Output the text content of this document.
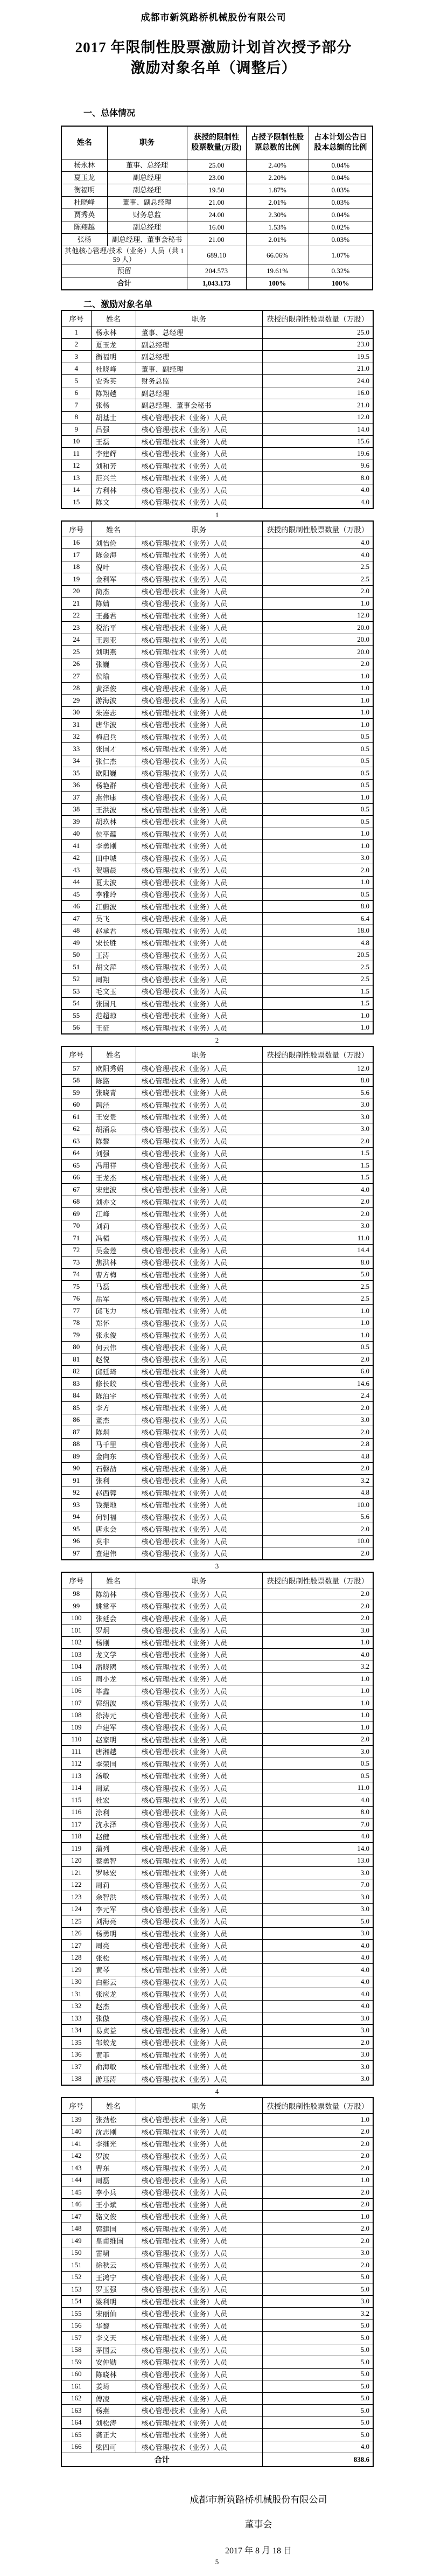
成都市新筑路桥机械股份有限公司
2017 年限制性股票激励计划首次授予部分
激励对象名单（调整后）
一、总体情况
姓名	职务	获授的限制性股票数量(万股)	占授予限制性股票总数的比例	占本计划公告日股本总额的比例
杨永林	董事、总经理	25.00	2.40%	0.04%
夏玉龙	副总经理	23.00	2.20%	0.04%
衡福明	副总经理	19.50	1.87%	0.03%
杜晓峰	董事、副总经理	21.00	2.01%	0.03%
贾秀英	财务总监	24.00	2.30%	0.04%
陈翔越	副总经理	16.00	1.53%	0.02%
张杨	副总经理、董事会秘书	21.00	2.01%	0.03%
其他核心管理/技术（业务）人员（共 159 人）		689.10	66.06%	1.07%
预留		204.573	19.61%	0.32%
合计		1,043.173	100%	100%
二、激励对象名单
序号	姓名	职务	获授的限制性股票数量（万股）
1	杨永林	董事、总经理	25.0
2	夏玉龙	副总经理	23.0
3	衡福明	副总经理	19.5
4	杜晓峰	董事、副经理	21.0
5	贾秀英	财务总监	24.0
6	陈翔越	副总经理	16.0
7	张杨	副总经理、董事会秘书	21.0
8	胡基士	核心管理/技术（业务）人员	12.0
9	吕强	核心管理/技术（业务）人员	14.0
10	王磊	核心管理/技术（业务）人员	15.6
11	李建辉	核心管理/技术（业务）人员	19.6
12	刘和芳	核心管理/技术（业务）人员	9.6
13	范兴兰	核心管理/技术（业务）人员	8.0
14	方利林	核心管理/技术（业务）人员	4.0
15	陈文	核心管理/技术（业务）人员	4.0
1
序号	姓名	职务	获授的限制性股票数量（万股）
16	刘怡俭	核心管理/技术（业务）人员	4.0
17	陈金海	核心管理/技术（业务）人员	4.0
18	倪叶	核心管理/技术（业务）人员	2.5
19	金利军	核心管理/技术（业务）人员	2.5
20	简杰	核心管理/技术（业务）人员	2.0
21	陈婧	核心管理/技术（业务）人员	1.0
22	王鑫君	核心管理/技术（业务）人员	12.0
23	税治平	核心管理/技术（业务）人员	20.0
24	王恩亚	核心管理/技术（业务）人员	20.0
25	刘明燕	核心管理/技术（业务）人员	20.0
26	张巍	核心管理/技术（业务）人员	2.0
27	侯瑜	核心管理/技术（业务）人员	1.0
28	黄泽俊	核心管理/技术（业务）人员	1.0
29	游海波	核心管理/技术（业务）人员	1.0
30	朱连志	核心管理/技术（业务）人员	1.0
31	唐华波	核心管理/技术（业务）人员	1.0
32	梅启兵	核心管理/技术（业务）人员	0.5
33	张国才	核心管理/技术（业务）人员	0.5
34	张仁杰	核心管理/技术（业务）人员	0.5
35	欧阳巍	核心管理/技术（业务）人员	0.5
36	杨艳群	核心管理/技术（业务）人员	0.5
37	燕伟康	核心管理/技术（业务）人员	1.0
38	王洪波	核心管理/技术（业务）人员	0.5
39	胡玖林	核心管理/技术（业务）人员	0.5
40	侯平蕴	核心管理/技术（业务）人员	1.0
41	李勇刚	核心管理/技术（业务）人员	1.0
42	田中城	核心管理/技术（业务）人员	3.0
43	贺塘晨	核心管理/技术（业务）人员	2.0
44	夏太波	核心管理/技术（业务）人员	1.0
45	李雅玲	核心管理/技术（业务）人员	0.5
46	江蔚波	核心管理/技术（业务）人员	8.0
47	吴飞	核心管理/技术（业务）人员	6.4
48	赵承君	核心管理/技术（业务）人员	18.0
49	宋长胜	核心管理/技术（业务）人员	4.8
50	王涛	核心管理/技术（业务）人员	20.5
51	胡文萍	核心管理/技术（业务）人员	2.5
52	周翔	核心管理/技术（业务）人员	2.5
53	毛文玉	核心管理/技术（业务）人员	1.5
54	张国凡	核心管理/技术（业务）人员	1.5
55	范超琼	核心管理/技术（业务）人员	1.0
56	王征	核心管理/技术（业务）人员	1.0
2
序号	姓名	职务	获授的限制性股票数量（万股）
57	欧阳秀娟	核心管理/技术（业务）人员	12.0
58	陈路	核心管理/技术（业务）人员	8.0
59	张晓青	核心管理/技术（业务）人员	5.6
60	陶泾	核心管理/技术（业务）人员	3.0
61	王安贵	核心管理/技术（业务）人员	3.0
62	胡涌泉	核心管理/技术（业务）人员	3.0
63	陈黎	核心管理/技术（业务）人员	2.0
64	刘强	核心管理/技术（业务）人员	1.5
65	冯用祥	核心管理/技术（业务）人员	1.5
66	王龙杰	核心管理/技术（业务）人员	1.5
67	宋建波	核心管理/技术（业务）人员	4.0
68	刘亦文	核心管理/技术（业务）人员	2.0
69	江峰	核心管理/技术（业务）人员	2.0
70	刘莉	核心管理/技术（业务）人员	3.0
71	冯韬	核心管理/技术（业务）人员	11.0
72	吴金莲	核心管理/技术（业务）人员	14.4
73	焦洪林	核心管理/技术（业务）人员	8.0
74	曹方梅	核心管理/技术（业务）人员	5.0
75	马磊	核心管理/技术（业务）人员	2.5
76	岳军	核心管理/技术（业务）人员	2.5
77	邱飞力	核心管理/技术（业务）人员	1.0
78	郑怀	核心管理/技术（业务）人员	1.0
79	张永俊	核心管理/技术（业务）人员	1.0
80	何云伟	核心管理/技术（业务）人员	0.5
81	赵悦	核心管理/技术（业务）人员	2.0
82	邱廷琦	核心管理/技术（业务）人员	6.0
83	修长皎	核心管理/技术（业务）人员	14.6
84	陈泊宇	核心管理/技术（业务）人员	2.4
85	李方	核心管理/技术（业务）人员	2.0
86	董杰	核心管理/技术（业务）人员	3.0
87	陈炯	核心管理/技术（业务）人员	2.0
88	马千里	核心管理/技术（业务）人员	2.8
89	金向东	核心管理/技术（业务）人员	4.8
90	石磬劼	核心管理/技术（业务）人员	2.0
91	张利	核心管理/技术（业务）人员	3.2
92	赵西蓉	核心管理/技术（业务）人员	4.8
93	钱振地	核心管理/技术（业务）人员	10.0
94	何钊福	核心管理/技术（业务）人员	5.6
95	唐永会	核心管理/技术（业务）人员	2.0
96	莫非	核心管理/技术（业务）人员	10.0
97	查建伟	核心管理/技术（业务）人员	2.0
3
序号	姓名	职务	获授的限制性股票数量（万股）
98	陈幼林	核心管理/技术（业务）人员	2.0
99	姚常平	核心管理/技术（业务）人员	2.0
100	张延会	核心管理/技术（业务）人员	2.0
101	罗炯	核心管理/技术（业务）人员	3.0
102	杨刚	核心管理/技术（业务）人员	1.0
103	龙文学	核心管理/技术（业务）人员	4.0
104	潘晓鸥	核心管理/技术（业务）人员	3.2
105	周小龙	核心管理/技术（业务）人员	1.0
106	毕鑫	核心管理/技术（业务）人员	1.0
107	郭绍波	核心管理/技术（业务）人员	1.0
108	徐涛元	核心管理/技术（业务）人员	1.0
109	卢建军	核心管理/技术（业务）人员	1.0
110	赵家明	核心管理/技术（业务）人员	2.0
111	唐湘越	核心管理/技术（业务）人员	3.0
112	李荣国	核心管理/技术（业务）人员	0.5
113	汤敏	核心管理/技术（业务）人员	0.5
114	周斌	核心管理/技术（业务）人员	11.0
115	杜宏	核心管理/技术（业务）人员	4.0
116	涂利	核心管理/技术（业务）人员	8.0
117	沈永泽	核心管理/技术（业务）人员	7.0
118	赵健	核心管理/技术（业务）人员	4.0
119	蒲列	核心管理/技术（业务）人员	14.0
120	蔡勇智	核心管理/技术（业务）人员	13.0
121	罗咏宏	核心管理/技术（业务）人员	3.0
122	周莉	核心管理/技术（业务）人员	7.0
123	余智洪	核心管理/技术（业务）人员	3.0
124	李元军	核心管理/技术（业务）人员	3.0
125	刘海亮	核心管理/技术（业务）人员	5.0
126	杨勇明	核心管理/技术（业务）人员	3.0
127	周亮	核心管理/技术（业务）人员	4.0
128	张松	核心管理/技术（业务）人员	4.0
129	黄琴	核心管理/技术（业务）人员	4.0
130	白彬云	核心管理/技术（业务）人员	4.0
131	张应龙	核心管理/技术（业务）人员	4.0
132	赵杰	核心管理/技术（业务）人员	4.0
133	张傲	核心管理/技术（业务）人员	3.0
134	易贞益	核心管理/技术（业务）人员	3.0
135	邹蛟龙	核心管理/技术（业务）人员	2.0
136	黄菲	核心管理/技术（业务）人员	3.0
137	俞海敏	核心管理/技术（业务）人员	3.0
138	游珏涛	核心管理/技术（业务）人员	3.0
4
序号	姓名	职务	获授的限制性股票数量（万股）
139	张劲松	核心管理/技术（业务）人员	1.0
140	沈志刚	核心管理/技术（业务）人员	2.0
141	李继光	核心管理/技术（业务）人员	2.0
142	罗波	核心管理/技术（业务）人员	2.0
143	曹东	核心管理/技术（业务）人员	2.0
144	周磊	核心管理/技术（业务）人员	1.0
145	李小兵	核心管理/技术（业务）人员	2.0
146	王小斌	核心管理/技术（业务）人员	2.0
147	骆文俊	核心管理/技术（业务）人员	1.0
148	郭建国	核心管理/技术（业务）人员	2.0
149	皇甫维国	核心管理/技术（业务）人员	2.0
150	雷啸	核心管理/技术（业务）人员	3.0
151	徐秋云	核心管理/技术（业务）人员	2.0
152	王鸿宁	核心管理/技术（业务）人员	5.0
153	罗玉强	核心管理/技术（业务）人员	5.0
154	梁利明	核心管理/技术（业务）人员	3.0
155	宋丽仙	核心管理/技术（业务）人员	3.2
156	华黎	核心管理/技术（业务）人员	5.0
157	李文天	核心管理/技术（业务）人员	5.0
158	茅国云	核心管理/技术（业务）人员	5.0
159	安仲勋	核心管理/技术（业务）人员	5.0
160	陈晓林	核心管理/技术（业务）人员	5.0
161	姜琦	核心管理/技术（业务）人员	5.0
162	傅凌	核心管理/技术（业务）人员	5.0
163	杨燕	核心管理/技术（业务）人员	5.0
164	刘松涛	核心管理/技术（业务）人员	5.0
165	龚正大	核心管理/技术（业务）人员	5.0
166	梁四可	核心管理/技术（业务）人员	4.0
合计			838.6
成都市新筑路桥机械股份有限公司
董事会
2017 年 8 月 18 日
5
